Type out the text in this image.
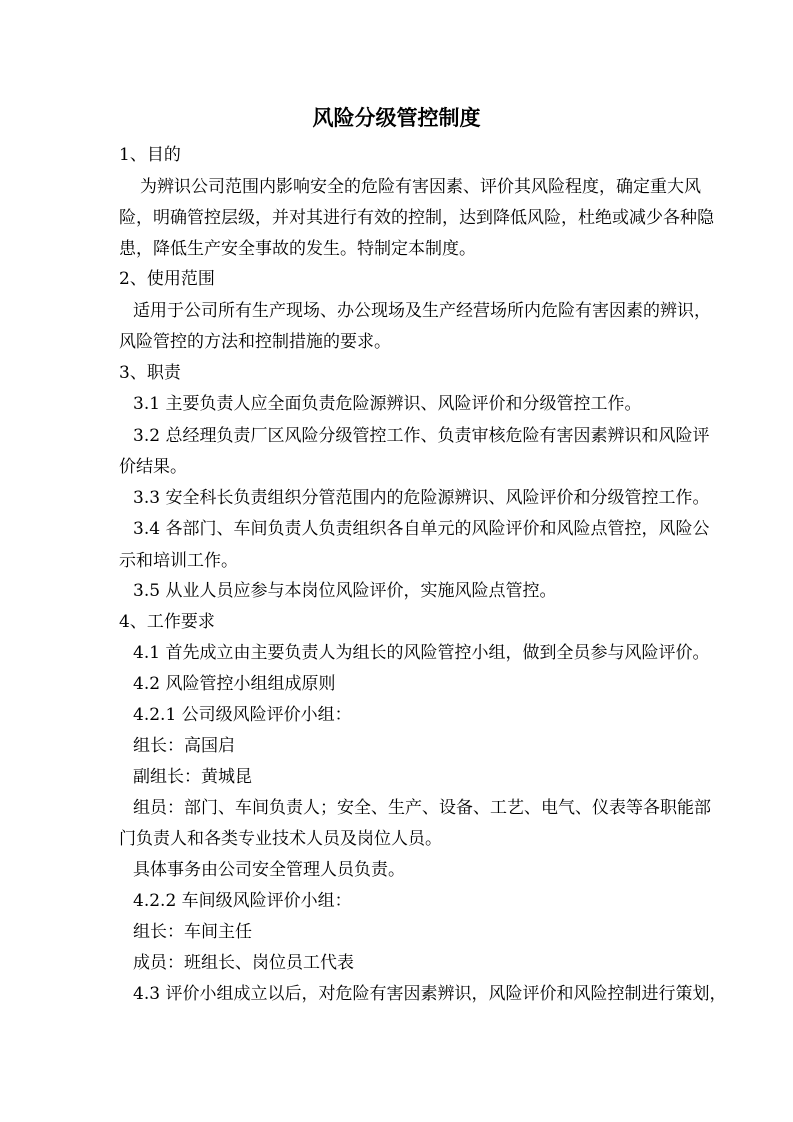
风险分级管控制度
1、目的
为辨识公司范围内影响安全的危险有害因素、评价其风险程度，确定重大风
险，明确管控层级，并对其进行有效的控制，达到降低风险，杜绝或减少各种隐
患，降低生产安全事故的发生。特制定本制度。
2、使用范围
适用于公司所有生产现场、办公现场及生产经营场所内危险有害因素的辨识，
风险管控的方法和控制措施的要求。
3、职责
3.1 主要负责人应全面负责危险源辨识、风险评价和分级管控工作。
3.2 总经理负责厂区风险分级管控工作、负责审核危险有害因素辨识和风险评
价结果。
3.3 安全科长负责组织分管范围内的危险源辨识、风险评价和分级管控工作。
3.4 各部门、车间负责人负责组织各自单元的风险评价和风险点管控，风险公
示和培训工作。
3.5 从业人员应参与本岗位风险评价，实施风险点管控。
4、工作要求
4.1 首先成立由主要负责人为组长的风险管控小组，做到全员参与风险评价。
4.2 风险管控小组组成原则
4.2.1 公司级风险评价小组：
组长：高国启
副组长：黄城昆
组员：部门、车间负责人；安全、生产、设备、工艺、电气、仪表等各职能部
门负责人和各类专业技术人员及岗位人员。
具体事务由公司安全管理人员负责。
4.2.2 车间级风险评价小组：
组长：车间主任
成员：班组长、岗位员工代表
4.3 评价小组成立以后，对危险有害因素辨识，风险评价和风险控制进行策划，
